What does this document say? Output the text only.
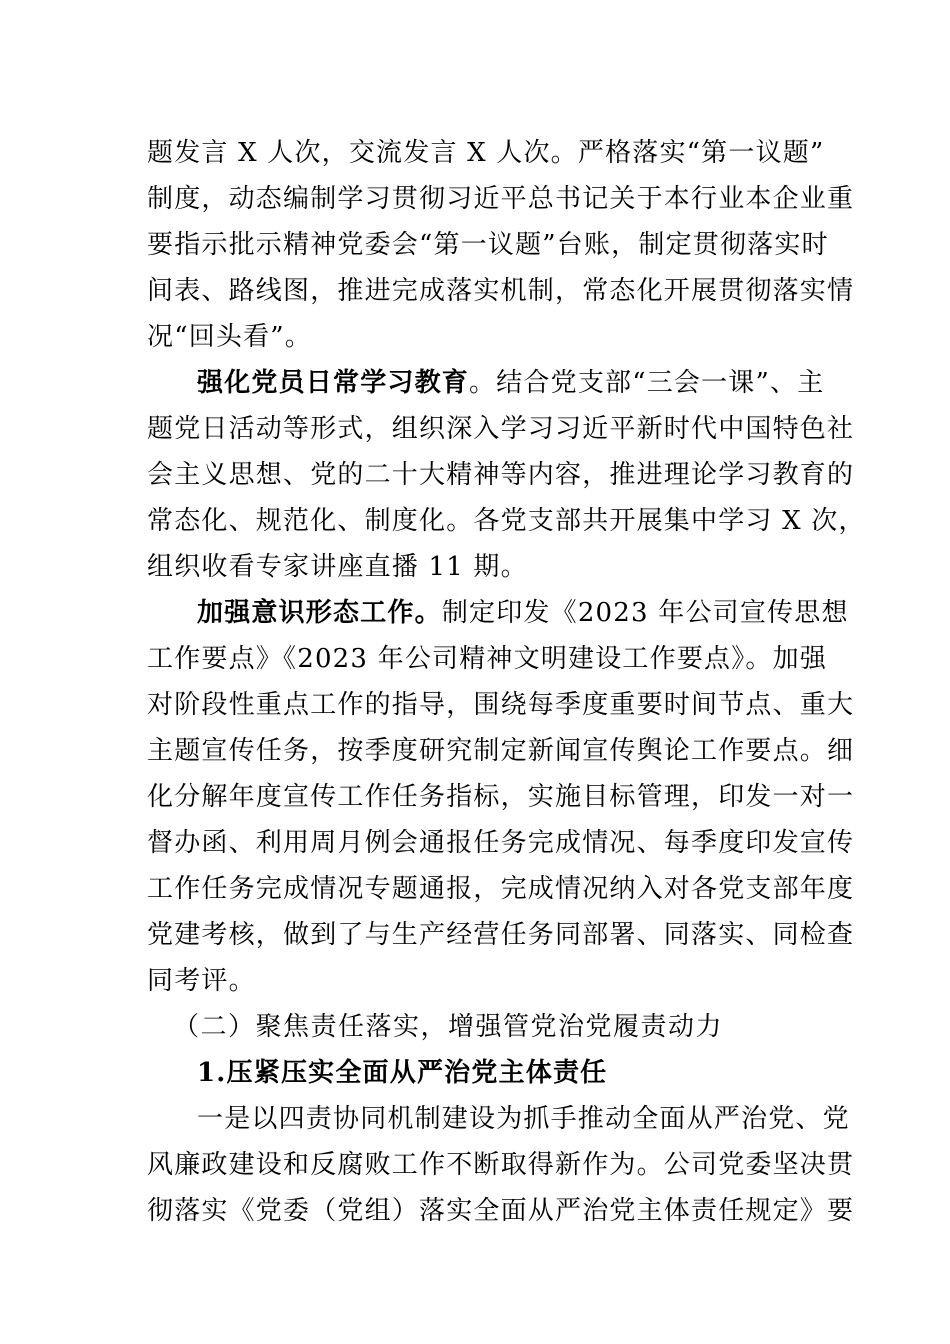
题发言 X 人次，交流发言 X 人次。严格落实“第一议题”
制度，动态编制学习贯彻习近平总书记关于本行业本企业重
要指示批示精神党委会“第一议题”台账，制定贯彻落实时
间表、路线图，推进完成落实机制，常态化开展贯彻落实情
况“回头看”。
强化党员日常学习教育。结合党支部“三会一课”、主
题党日活动等形式，组织深入学习习近平新时代中国特色社
会主义思想、党的二十大精神等内容，推进理论学习教育的
常态化、规范化、制度化。各党支部共开展集中学习 X 次，
组织收看专家讲座直播 11 期。
加强意识形态工作。制定印发《2023 年公司宣传思想
工作要点》《2023 年公司精神文明建设工作要点》。加强
对阶段性重点工作的指导，围绕每季度重要时间节点、重大
主题宣传任务，按季度研究制定新闻宣传舆论工作要点。细
化分解年度宣传工作任务指标，实施目标管理，印发一对一
督办函、利用周月例会通报任务完成情况、每季度印发宣传
工作任务完成情况专题通报，完成情况纳入对各党支部年度
党建考核，做到了与生产经营任务同部署、同落实、同检查
同考评。
（二）聚焦责任落实，增强管党治党履责动力
1.压紧压实全面从严治党主体责任
一是以四责协同机制建设为抓手推动全面从严治党、党
风廉政建设和反腐败工作不断取得新作为。公司党委坚决贯
彻落实《党委（党组）落实全面从严治党主体责任规定》要
